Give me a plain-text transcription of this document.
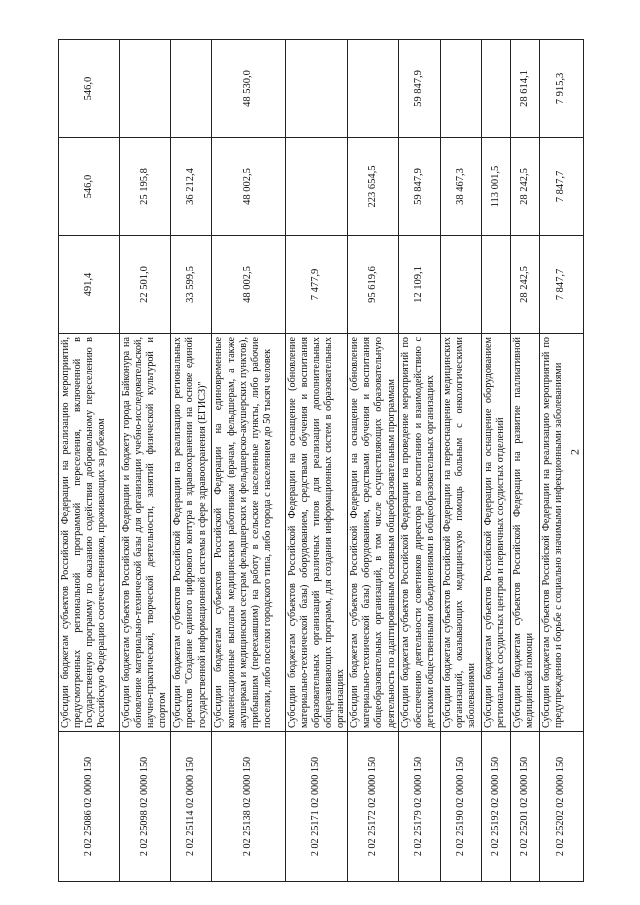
2
2 02 25086 02 0000 150	Субсидии бюджетам субъектов Российской Федерации на реализацию мероприятий, предусмотренных региональной программой переселения, включенной в Государственную программу по оказанию содействия добровольному переселению в Российскую Федерацию соотечественников, проживающих за рубежом	491,4	546,0	546,0
2 02 25098 02 0000 150	Субсидии бюджетам субъектов Российской Федерации и бюджету города Байконура на обновление материально-технической базы для организации учебно-исследовательской, научно-практической, творческой деятельности, занятий физической культурой и спортом	22 501,0	25 195,8	
2 02 25114 02 0000 150	Субсидии бюджетам субъектов Российской Федерации на реализацию региональных проектов "Создание единого цифрового контура в здравоохранении на основе единой государственной информационной системы в сфере здравоохранения (ЕГИСЗ)"	33 599,5	36 212,4	
2 02 25138 02 0000 150	Субсидии бюджетам субъектов Российской Федерации на единовременные компенсационные выплаты медицинским работникам (врачам, фельдшерам, а также акушеркам и медицинским сестрам фельдшерских и фельдшерско-акушерских пунктов), прибывшим (переехавшим) на работу в сельские населенные пункты, либо рабочие поселки, либо поселки городского типа, либо города с населением до 50 тысяч человек	48 002,5	48 002,5	48 530,0
2 02 25171 02 0000 150	Субсидии бюджетам субъектов Российской Федерации на оснащение (обновление материально-технической базы) оборудованием, средствами обучения и воспитания образовательных организаций различных типов для реализации дополнительных общеразвивающих программ, для создания информационных систем в образовательных организациях	7 477,9		
2 02 25172 02 0000 150	Субсидии бюджетам субъектов Российской Федерации на оснащение (обновление материально-технической базы) оборудованием, средствами обучения и воспитания общеобразовательных организаций, в том числе осуществляющих образовательную деятельность по адаптированным основным общеобразовательным программам	95 619,6	223 654,5	
2 02 25179 02 0000 150	Субсидии бюджетам субъектов Российской Федерации на проведение мероприятий по обеспечению деятельности советников директора по воспитанию и взаимодействию с детскими общественными объединениями в общеобразовательных организациях	12 109,1	59 847,9	59 847,9
2 02 25190 02 0000 150	Субсидии бюджетам субъектов Российской Федерации на переоснащение медицинских организаций, оказывающих медицинскую помощь больным с онкологическими заболеваниями		38 467,3	
2 02 25192 02 0000 150	Субсидии бюджетам субъектов Российской Федерации на оснащение оборудованием региональных сосудистых центров и первичных сосудистых отделений		113 001,5	
2 02 25201 02 0000 150	Субсидии бюджетам субъектов Российской Федерации на развитие паллиативной медицинской помощи	28 242,5	28 242,5	28 614,1
2 02 25202 02 0000 150	Субсидии бюджетам субъектов Российской Федерации на реализацию мероприятий по предупреждению и борьбе с социально значимыми инфекционными заболеваниями	7 847,7	7 847,7	7 915,3
